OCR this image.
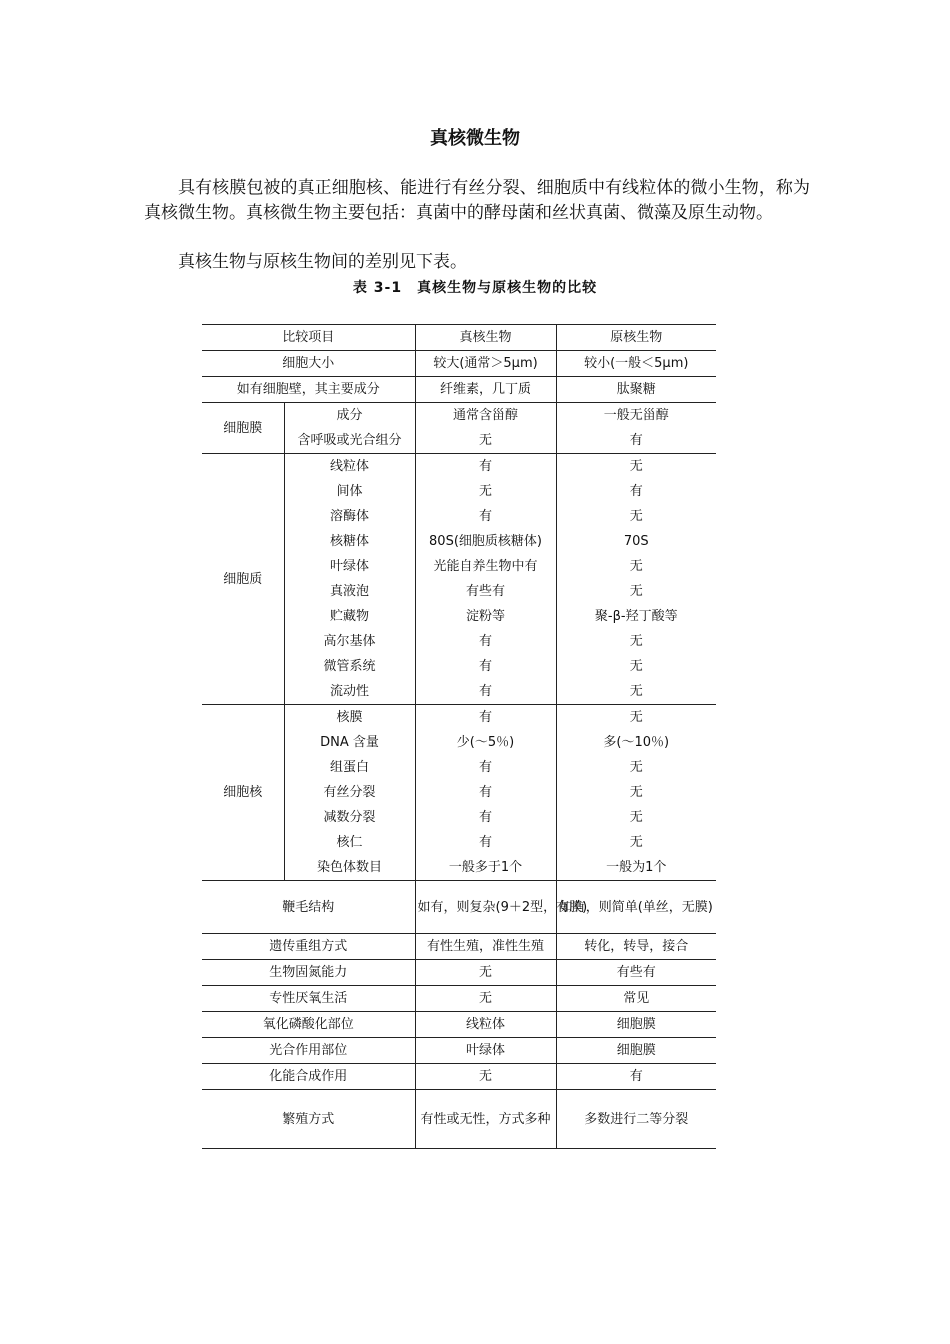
真核微生物

具有核膜包被的真正细胞核、能进行有丝分裂、细胞质中有线粒体的微小生物，称为真核微生物。真核微生物主要包括：真菌中的酵母菌和丝状真菌、微藻及原生动物。

真核生物与原核生物间的差别见下表。

表 3-1　真核生物与原核生物的比较
比较项目		真核生物	原核生物
细胞大小		较大(通常＞5μm)	较小(一般＜5μm)
如有细胞壁，其主要成分		纤维素，几丁质	肽聚糖
细胞膜	成分	通常含甾醇	一般无甾醇
	含呼吸或光合组分	无	有
细胞质	线粒体	有	无
	间体	无	有
	溶酶体	有	无
	核糖体	80S(细胞质核糖体)	70S
	叶绿体	光能自养生物中有	无
	真液泡	有些有	无
	贮藏物	淀粉等	聚-β-羟丁酸等
	高尔基体	有	无
	微管系统	有	无
	流动性	有	无
细胞核	核膜	有	无
	DNA 含量	少(～5％)	多(～10％)
	组蛋白	有	无
	有丝分裂	有	无
	减数分裂	有	无
	核仁	有	无
	染色体数目	一般多于1个	一般为1个
鞭毛结构		如有，则复杂(9＋2型，有膜)	如有，则简单(单丝，无膜)
遗传重组方式		有性生殖，准性生殖	转化，转导，接合
生物固氮能力		无	有些有
专性厌氧生活		无	常见
氧化磷酸化部位		线粒体	细胞膜
光合作用部位		叶绿体	细胞膜
化能合成作用		无	有
繁殖方式		有性或无性，方式多种	多数进行二等分裂
